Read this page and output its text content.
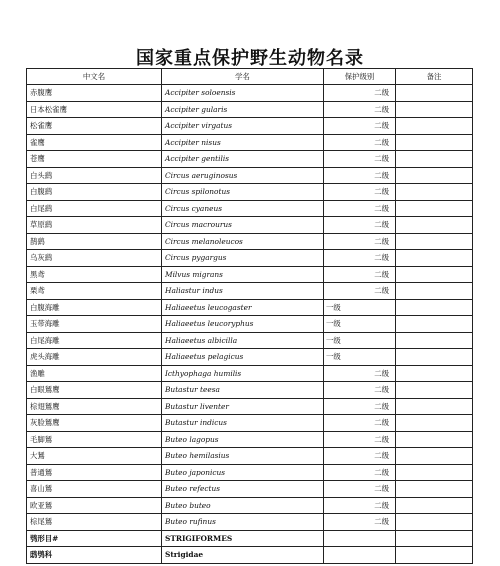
国家重点保护野生动物名录
中文名	学名	保护级别	备注
赤腹鹰	Accipiter soloensis	二级	

日本松雀鹰	Accipiter gularis	二级	

松雀鹰	Accipiter virgatus	二级	

雀鹰	Accipiter nisus	二级	

苍鹰	Accipiter gentilis	二级	

白头鹞	Circus aeruginosus	二级	

白腹鹞	Circus spilonotus	二级	

白尾鹞	Circus cyaneus	二级	

草原鹞	Circus macrourus	二级	

鹊鹞	Circus melanoleucos	二级	

乌灰鹞	Circus pygargus	二级	

黑鸢	Milvus migrans	二级	

栗鸢	Haliastur indus	二级	

白腹海雕	Haliaeetus leucogaster	一级	

玉带海雕	Haliaeetus leucoryphus	一级	

白尾海雕	Haliaeetus albicilla	一级	

虎头海雕	Haliaeetus pelagicus	一级	

渔雕	Icthyophaga humilis	二级	

白眼鵟鹰	Butastur teesa	二级	

棕翅鵟鹰	Butastur liventer	二级	

灰脸鵟鹰	Butastur indicus	二级	

毛脚鵟	Buteo lagopus	二级	

大鵟	Buteo hemilasius	二级	

普通鵟	Buteo japonicus	二级	

喜山鵟	Buteo refectus	二级	

欧亚鵟	Buteo buteo	二级	

棕尾鵟	Buteo rufinus	二级	

鸮形目#	STRIGIFORMES	

鸱鸮科	Strigidae	
